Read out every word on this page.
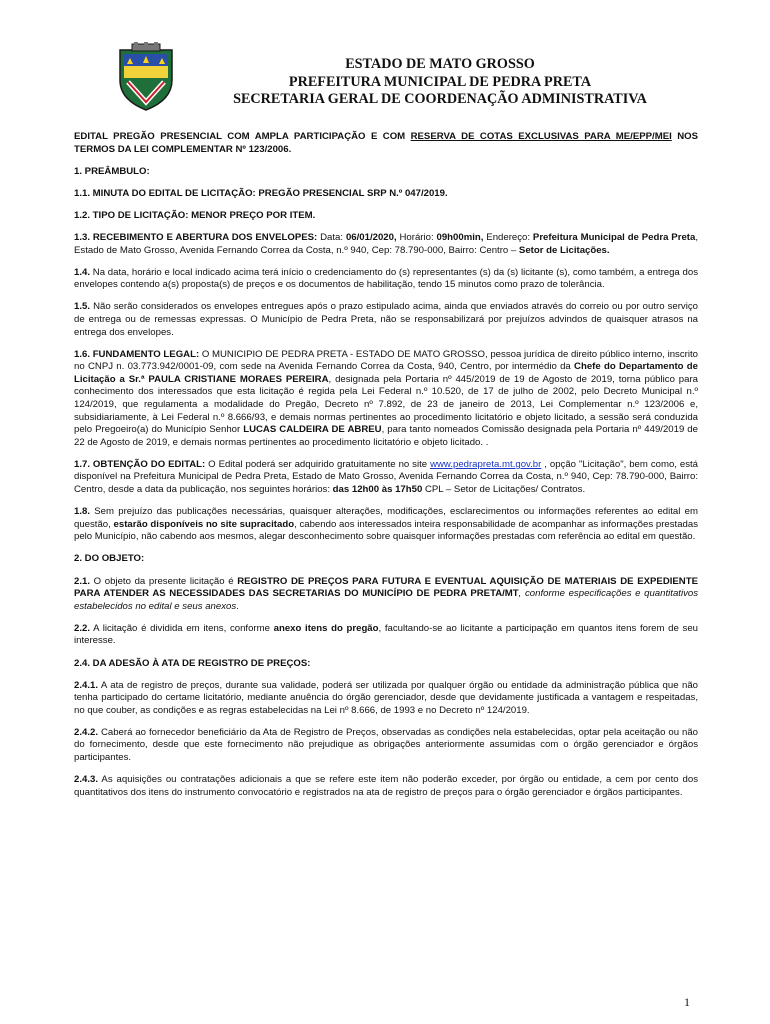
ESTADO DE MATO GROSSO
PREFEITURA MUNICIPAL DE PEDRA PRETA
SECRETARIA GERAL DE COORDENAÇÃO ADMINISTRATIVA

EDITAL PREGÃO PRESENCIAL COM AMPLA PARTICIPAÇÃO E COM RESERVA DE COTAS EXCLUSIVAS PARA ME/EPP/MEI NOS TERMOS DA LEI COMPLEMENTAR Nº 123/2006.

1. PREÂMBULO:

1.1. MINUTA DO EDITAL DE LICITAÇÃO: PREGÃO PRESENCIAL SRP N.º 047/2019.

1.2. TIPO DE LICITAÇÃO: MENOR PREÇO POR ITEM.

1.3. RECEBIMENTO E ABERTURA DOS ENVELOPES: Data: 06/01/2020, Horário: 09h00min, Endereço: Prefeitura Municipal de Pedra Preta, Estado de Mato Grosso, Avenida Fernando Correa da Costa, n.º 940, Cep: 78.790-000, Bairro: Centro – Setor de Licitações.

1.4. Na data, horário e local indicado acima terá início o credenciamento do (s) representantes (s) da (s) licitante (s), como também, a entrega dos envelopes contendo a(s) proposta(s) de preços e os documentos de habilitação, tendo 15 minutos como prazo de tolerância.

1.5. Não serão considerados os envelopes entregues após o prazo estipulado acima, ainda que enviados através do correio ou por outro serviço de entrega ou de remessas expressas. O Município de Pedra Preta, não se responsabilizará por prejuízos advindos de quaisquer atrasos na entrega dos envelopes.

1.6. FUNDAMENTO LEGAL: O MUNICIPIO DE PEDRA PRETA - ESTADO DE MATO GROSSO, pessoa jurídica de direito público interno, inscrito no CNPJ n. 03.773.942/0001-09, com sede na Avenida Fernando Correa da Costa, 940, Centro, por intermédio da Chefe do Departamento de Licitação a Sr.ª PAULA CRISTIANE MORAES PEREIRA, designada pela Portaria nº 445/2019 de 19 de Agosto de 2019, torna público para conhecimento dos interessados que esta licitação é regida pela Lei Federal n.º 10.520, de 17 de julho de 2002, pelo Decreto Municipal n.º 124/2019, que regulamenta a modalidade do Pregão, Decreto nº 7.892, de 23 de janeiro de 2013, Lei Complementar n.º 123/2006 e, subsidiariamente, à Lei Federal n.º 8.666/93, e demais normas pertinentes ao procedimento licitatório e objeto licitado, a sessão será conduzida pelo Pregoeiro(a) do Município Senhor LUCAS CALDEIRA DE ABREU, para tanto nomeados Comissão designada pela Portaria nº 449/2019 de 22 de Agosto de 2019, e demais normas pertinentes ao procedimento licitatório e objeto licitado. .

1.7. OBTENÇÃO DO EDITAL: O Edital poderá ser adquirido gratuitamente no site www.pedrapreta.mt.gov.br , opção "Licitação", bem como, está disponível na Prefeitura Municipal de Pedra Preta, Estado de Mato Grosso, Avenida Fernando Correa da Costa, n.º 940, Cep: 78.790-000, Bairro: Centro, desde a data da publicação, nos seguintes horários: das 12h00 às 17h50 CPL – Setor de Licitações/ Contratos.

1.8. Sem prejuízo das publicações necessárias, quaisquer alterações, modificações, esclarecimentos ou informações referentes ao edital em questão, estarão disponíveis no site supracitado, cabendo aos interessados inteira responsabilidade de acompanhar as informações prestadas pelo Município, não cabendo aos mesmos, alegar desconhecimento sobre quaisquer informações prestadas com referência ao edital em questão.

2. DO OBJETO:

2.1. O objeto da presente licitação é REGISTRO DE PREÇOS PARA FUTURA E EVENTUAL AQUISIÇÃO DE MATERIAIS DE EXPEDIENTE PARA ATENDER AS NECESSIDADES DAS SECRETARIAS DO MUNICÍPIO DE PEDRA PRETA/MT, conforme especificações e quantitativos estabelecidos no edital e seus anexos.

2.2. A licitação é dividida em itens, conforme anexo itens do pregão, facultando-se ao licitante a participação em quantos itens forem de seu interesse.

2.4. DA ADESÃO À ATA DE REGISTRO DE PREÇOS:

2.4.1. A ata de registro de preços, durante sua validade, poderá ser utilizada por qualquer órgão ou entidade da administração pública que não tenha participado do certame licitatório, mediante anuência do órgão gerenciador, desde que devidamente justificada a vantagem e respeitadas, no que couber, as condições e as regras estabelecidas na Lei nº 8.666, de 1993 e no Decreto nº 124/2019.

2.4.2. Caberá ao fornecedor beneficiário da Ata de Registro de Preços, observadas as condições nela estabelecidas, optar pela aceitação ou não do fornecimento, desde que este fornecimento não prejudique as obrigações anteriormente assumidas com o órgão gerenciador e órgãos participantes.

2.4.3. As aquisições ou contratações adicionais a que se refere este item não poderão exceder, por órgão ou entidade, a cem por cento dos quantitativos dos itens do instrumento convocatório e registrados na ata de registro de preços para o órgão gerenciador e órgãos participantes.

1
